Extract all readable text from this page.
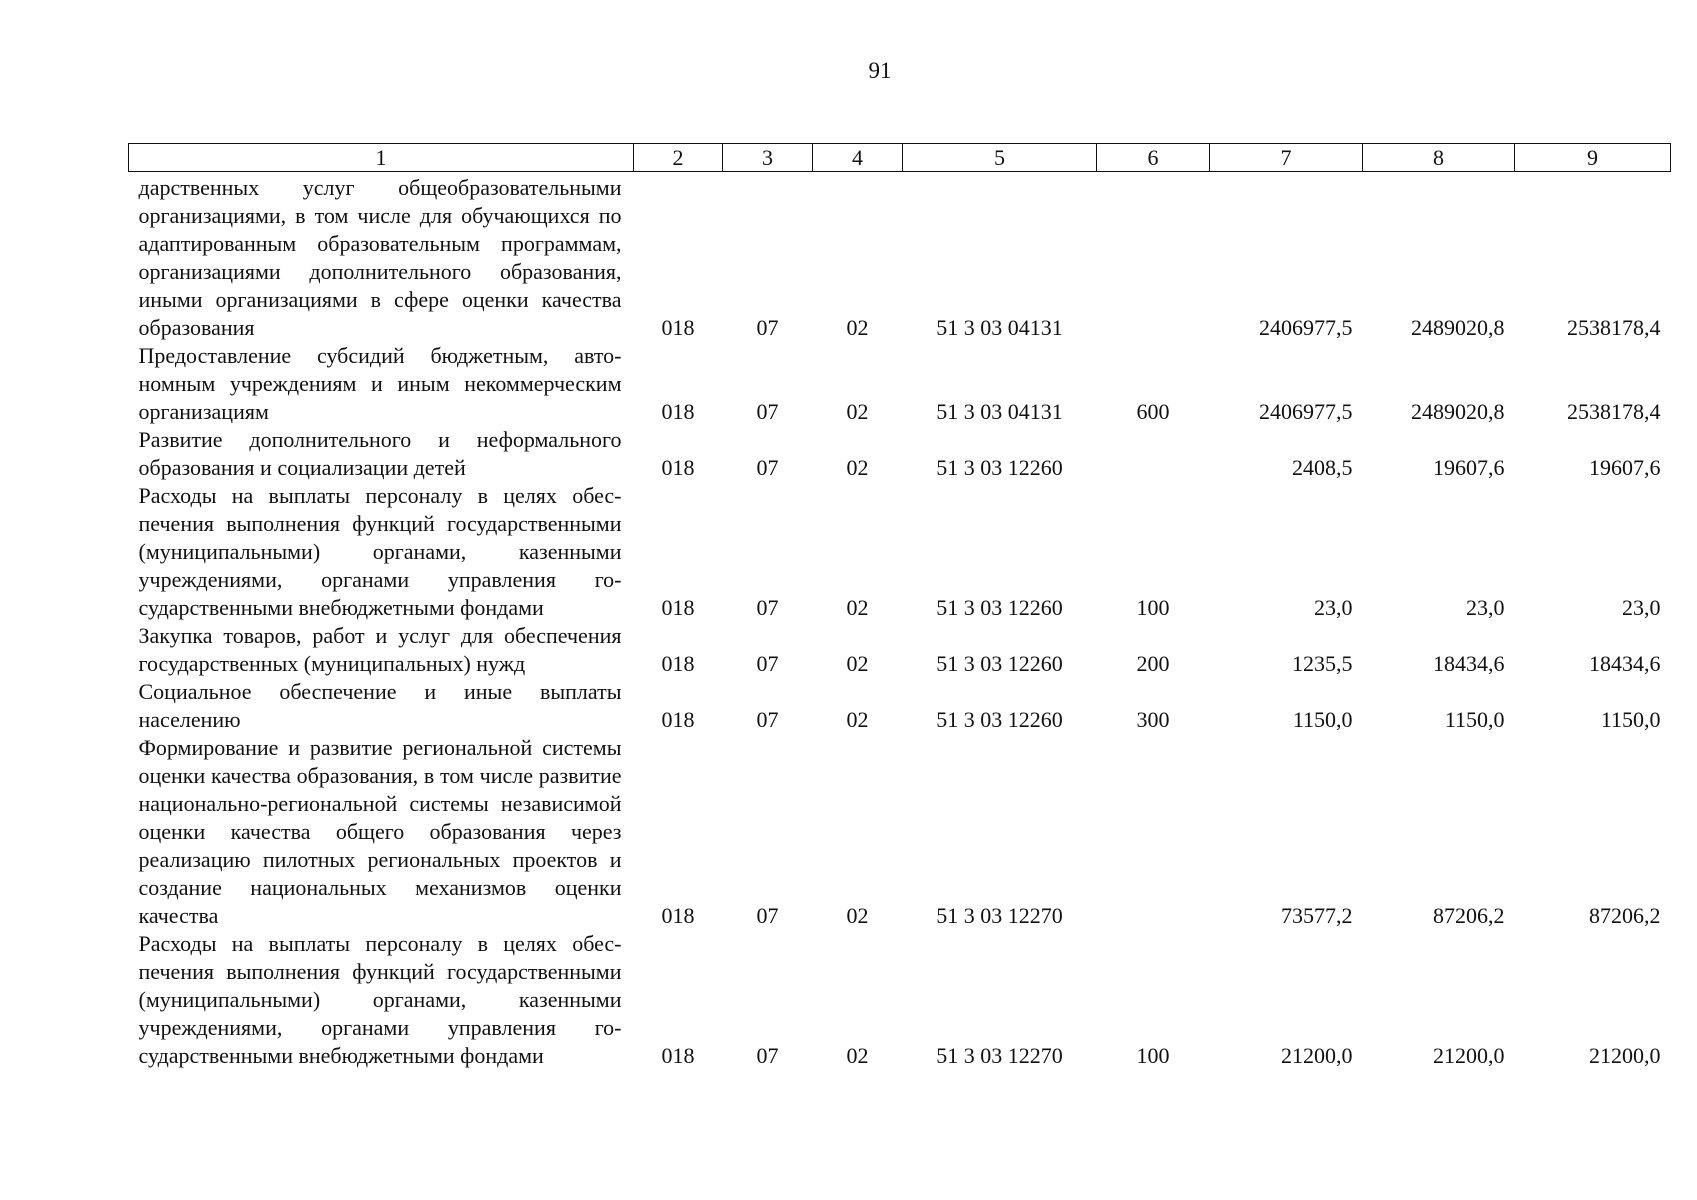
91
1	2	3	4	5	6	7	8	9
дарственных услуг общеобразовательными организациями, в том числе для обучающихся по адаптированным образовательным программам, организациями дополнительного образования, иными организациями в сфере оценки качества образования	018	07	02	51 3 03 04131		2406977,5	2489020,8	2538178,4
Предоставление субсидий бюджетным, автономным учреждениям и иным некоммерческим организациям	018	07	02	51 3 03 04131	600	2406977,5	2489020,8	2538178,4
Развитие дополнительного и неформального образования и социализации детей	018	07	02	51 3 03 12260		2408,5	19607,6	19607,6
Расходы на выплаты персоналу в целях обеспечения выполнения функций государственными (муниципальными) органами, казенными учреждениями, органами управления государственными внебюджетными фондами	018	07	02	51 3 03 12260	100	23,0	23,0	23,0
Закупка товаров, работ и услуг для обеспечения государственных (муниципальных) нужд	018	07	02	51 3 03 12260	200	1235,5	18434,6	18434,6
Социальное обеспечение и иные выплаты населению	018	07	02	51 3 03 12260	300	1150,0	1150,0	1150,0
Формирование и развитие региональной системы оценки качества образования, в том числе развитие национально-региональной системы независимой оценки качества общего образования через реализацию пилотных региональных проектов и создание национальных механизмов оценки качества	018	07	02	51 3 03 12270		73577,2	87206,2	87206,2
Расходы на выплаты персоналу в целях обеспечения выполнения функций государственными (муниципальными) органами, казенными учреждениями, органами управления государственными внебюджетными фондами	018	07	02	51 3 03 12270	100	21200,0	21200,0	21200,0
